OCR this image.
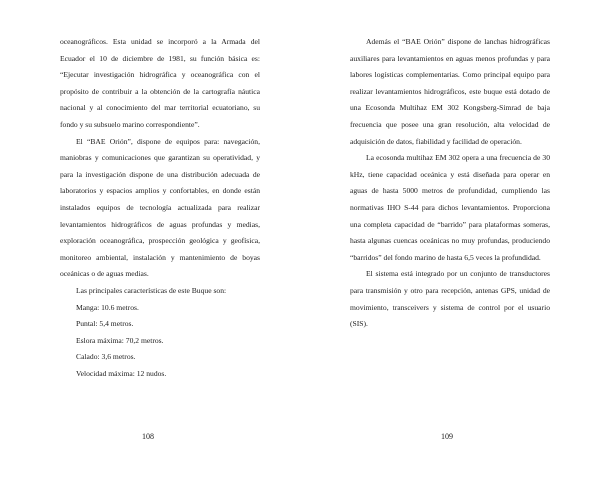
oceanográficos. Esta unidad se incorporó a la Armada del Ecuador el 10 de diciembre de 1981, su función básica es: “Ejecutar investigación hidrográfica y oceanográfica con el propósito de contribuir a la obtención de la cartografía náutica nacional y al conocimiento del mar territorial ecuatoriano, su fondo y su subsuelo marino correspondiente”.

El “BAE Orión”, dispone de equipos para: navegación, maniobras y comunicaciones que garantizan su operatividad, y para la investigación dispone de una distribución adecuada de laboratorios y espacios amplios y confortables, en donde están instalados equipos de tecnología actualizada para realizar levantamientos hidrográficos de aguas profundas y medias, exploración oceanográfica, prospección geológica y geofísica, monitoreo ambiental, instalación y mantenimiento de boyas oceánicas o de aguas medias.

Las principales características de este Buque son:

Manga: 10.6 metros.

Puntal: 5,4 metros.

Eslora máxima: 70,2 metros.

Calado: 3,6 metros.

Velocidad máxima: 12 nudos.

108

Además el “BAE Orión” dispone de lanchas hidrográficas auxiliares para levantamientos en aguas menos profundas y para labores logísticas complementarias. Como principal equipo para realizar levantamientos hidrográficos, este buque está dotado de una Ecosonda Multihaz EM 302 Kongsberg-Simrad de baja frecuencia que posee una gran resolución, alta velocidad de adquisición de datos, fiabilidad y facilidad de operación.

La ecosonda multihaz EM 302 opera a una frecuencia de 30 kHz, tiene capacidad oceánica y está diseñada para operar en aguas de hasta 5000 metros de profundidad, cumpliendo las normativas IHO S-44 para dichos levantamientos. Proporciona una completa capacidad de “barrido” para plataformas someras, hasta algunas cuencas oceánicas no muy profundas, produciendo “barridos” del fondo marino de hasta 6,5 veces la profundidad.

El sistema está integrado por un conjunto de transductores para transmisión y otro para recepción, antenas GPS, unidad de movimiento, transceivers y sistema de control por el usuario (SIS).

109
